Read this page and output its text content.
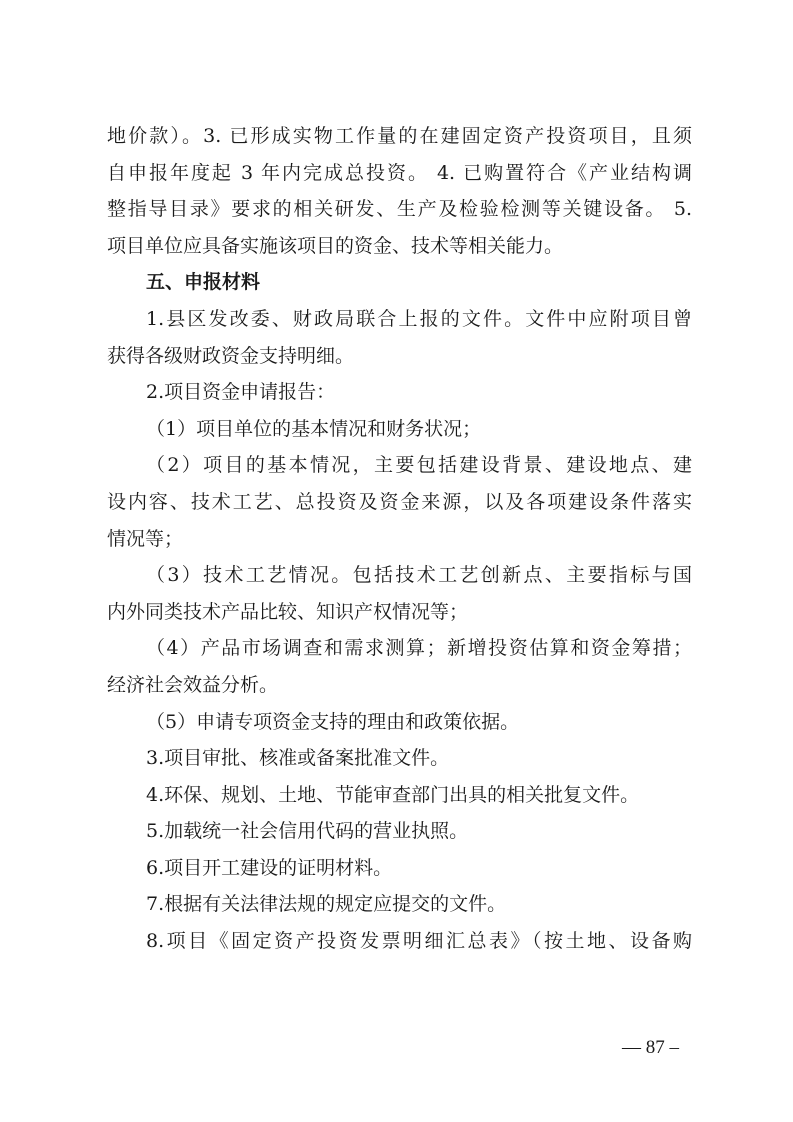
地价款）。3. 已形成实物工作量的在建固定资产投资项目，且须
自申报年度起 3 年内完成总投资。 4. 已购置符合《产业结构调
整指导目录》要求的相关研发、生产及检验检测等关键设备。 5.
项目单位应具备实施该项目的资金、技术等相关能力。
五、申报材料
1.县区发改委、财政局联合上报的文件。文件中应附项目曾
获得各级财政资金支持明细。
2.项目资金申请报告：
（1）项目单位的基本情况和财务状况；
（2）项目的基本情况，主要包括建设背景、建设地点、建
设内容、技术工艺、总投资及资金来源，以及各项建设条件落实
情况等；
（3）技术工艺情况。包括技术工艺创新点、主要指标与国
内外同类技术产品比较、知识产权情况等；
（4）产品市场调查和需求测算；新增投资估算和资金筹措；
经济社会效益分析。
（5）申请专项资金支持的理由和政策依据。
3.项目审批、核准或备案批准文件。
4.环保、规划、土地、节能审查部门出具的相关批复文件。
5.加载统一社会信用代码的营业执照。
6.项目开工建设的证明材料。
7.根据有关法律法规的规定应提交的文件。
8.项目《固定资产投资发票明细汇总表》（按土地、设备购
— 87 –
